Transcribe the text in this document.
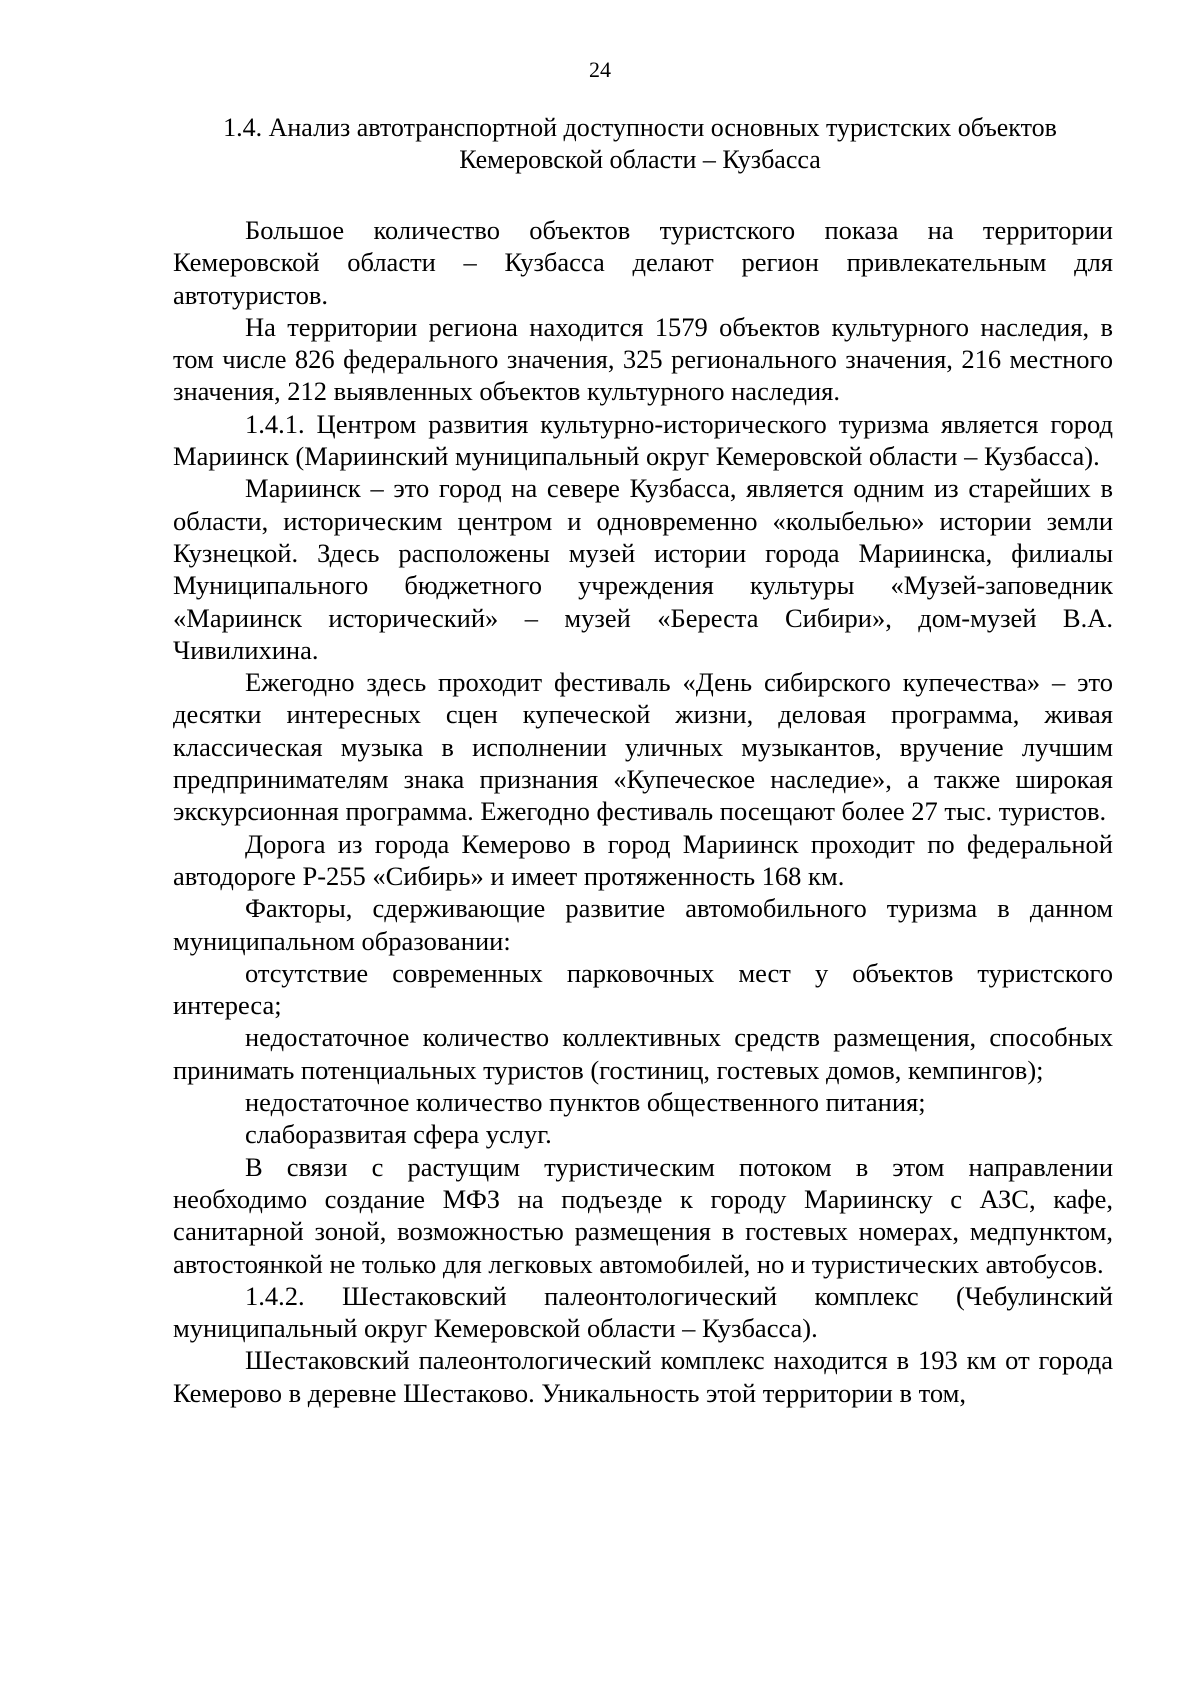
24
1.4. Анализ автотранспортной доступности основных туристских объектов
Кемеровской области – Кузбасса

Большое количество объектов туристского показа на территории Кемеровской области – Кузбасса делают регион привлекательным для автотуристов.

На территории региона находится 1579 объектов культурного наследия, в том числе 826 федерального значения, 325 регионального значения, 216 местного значения, 212 выявленных объектов культурного наследия.

1.4.1. Центром развития культурно-исторического туризма является город Мариинск (Мариинский муниципальный округ Кемеровской области – Кузбасса).

Мариинск – это город на севере Кузбасса, является одним из старейших в области, историческим центром и одновременно «колыбелью» истории земли Кузнецкой. Здесь расположены музей истории города Мариинска, филиалы Муниципального бюджетного учреждения культуры «Музей-заповедник «Мариинск исторический» – музей «Береста Сибири», дом-музей В.А. Чивилихина.

Ежегодно здесь проходит фестиваль «День сибирского купечества» – это десятки интересных сцен купеческой жизни, деловая программа, живая классическая музыка в исполнении уличных музыкантов, вручение лучшим предпринимателям знака признания «Купеческое наследие», а также широкая экскурсионная программа. Ежегодно фестиваль посещают более 27 тыс. туристов.

Дорога из города Кемерово в город Мариинск проходит по федеральной автодороге Р-255 «Сибирь» и имеет протяженность 168 км.

Факторы, сдерживающие развитие автомобильного туризма в данном муниципальном образовании:

отсутствие современных парковочных мест у объектов туристского интереса;

недостаточное количество коллективных средств размещения, способных принимать потенциальных туристов (гостиниц, гостевых домов, кемпингов);

недостаточное количество пунктов общественного питания;

слаборазвитая сфера услуг.

В связи с растущим туристическим потоком в этом направлении необходимо создание МФЗ на подъезде к городу Мариинску с АЗС, кафе, санитарной зоной, возможностью размещения в гостевых номерах, медпунктом, автостоянкой не только для легковых автомобилей, но и туристических автобусов.

1.4.2. Шестаковский палеонтологический комплекс (Чебулинский муниципальный округ Кемеровской области – Кузбасса).

Шестаковский палеонтологический комплекс находится в 193 км от города Кемерово в деревне Шестаково. Уникальность этой территории в том,
